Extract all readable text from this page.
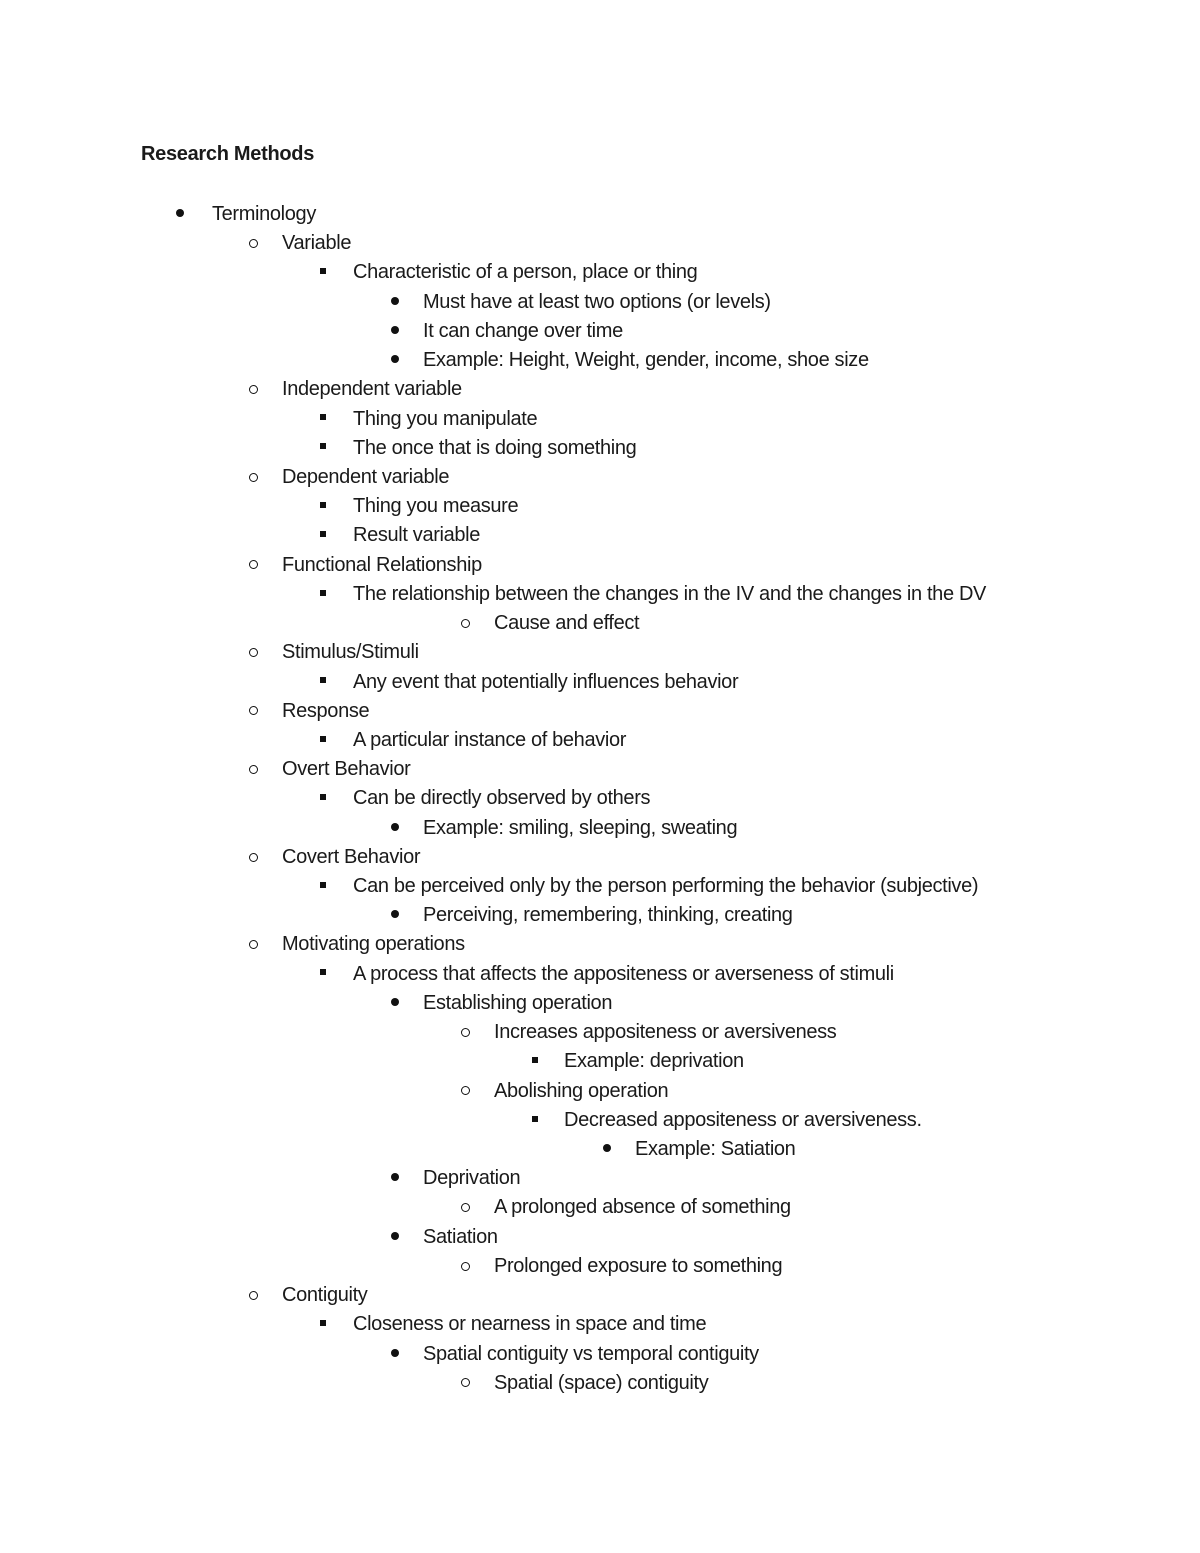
Research Methods
Terminology
Variable
Characteristic of a person, place or thing
Must have at least two options (or levels)
It can change over time
Example: Height, Weight, gender, income, shoe size
Independent variable
Thing you manipulate
The once that is doing something
Dependent variable
Thing you measure
Result variable
Functional Relationship
The relationship between the changes in the IV and the changes in the DV
Cause and effect
Stimulus/Stimuli
Any event that potentially influences behavior
Response
A particular instance of behavior
Overt Behavior
Can be directly observed by others
Example: smiling, sleeping, sweating
Covert Behavior
Can be perceived only by the person performing the behavior (subjective)
Perceiving, remembering, thinking, creating
Motivating operations
A process that affects the appositeness or averseness of stimuli
Establishing operation
Increases appositeness or aversiveness
Example: deprivation
Abolishing operation
Decreased appositeness or aversiveness.
Example: Satiation
Deprivation
A prolonged absence of something
Satiation
Prolonged exposure to something
Contiguity
Closeness or nearness in space and time
Spatial contiguity vs temporal contiguity
Spatial (space) contiguity
